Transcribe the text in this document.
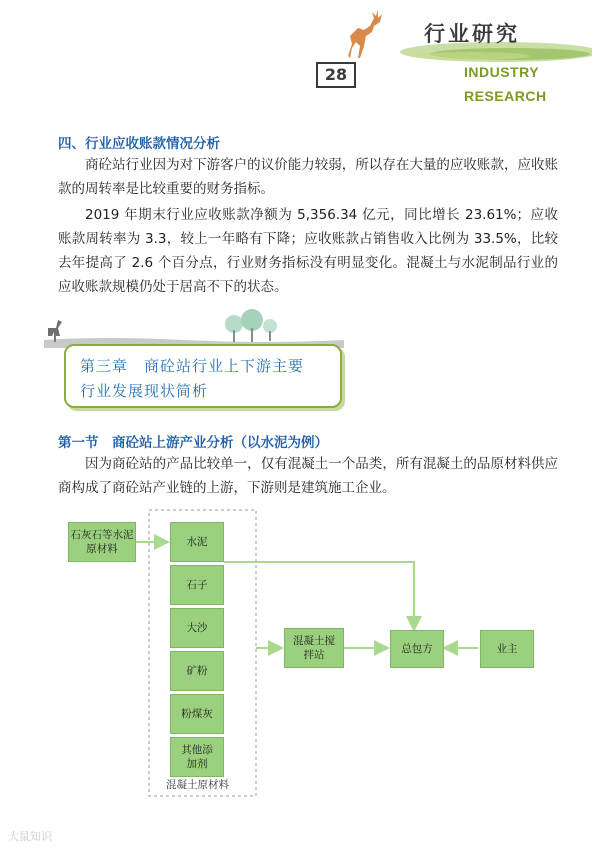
行业研究
28	INDUSTRY
RESEARCH
四、行业应收账款情况分析
商砼站行业因为对下游客户的议价能力较弱，所以存在大量的应收账款，应收账款的周转率是比较重要的财务指标。
2019 年期末行业应收账款净额为 5,356.34 亿元，同比增长 23.61%；应收账款周转率为 3.3，较上一年略有下降；应收账款占销售收入比例为 33.5%，比较去年提高了 2.6 个百分点，行业财务指标没有明显变化。混凝土与水泥制品行业的应收账款规模仍处于居高不下的状态。
第三章　商砼站行业上下游主要
行业发展现状简析
第一节　商砼站上游产业分析（以水泥为例）
因为商砼站的产品比较单一，仅有混凝土一个品类，所有混凝土的品原材料供应商构成了商砼站产业链的上游，下游则是建筑施工企业。
石灰石等水泥原材料
水泥
石子
大沙
矿粉
粉煤灰
其他添加剂
混凝土原材料
混凝土搅拌站	总包方	业主
大鼠知识
